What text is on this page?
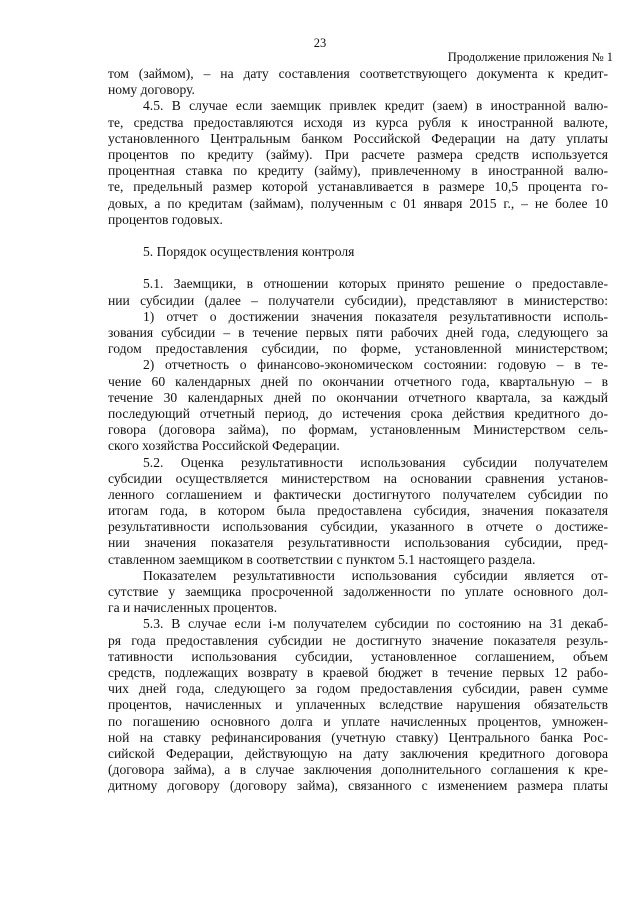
23
Продолжение приложения № 1
том (займом), – на дату составления соответствующего документа к кредит-
ному договору.
4.5. В случае если заемщик привлек кредит (заем) в иностранной валю-
те, средства предоставляются исходя из курса рубля к иностранной валюте,
установленного Центральным банком Российской Федерации на дату уплаты
процентов по кредиту (займу). При расчете размера средств используется
процентная ставка по кредиту (займу), привлеченному в иностранной валю-
те, предельный размер которой устанавливается в размере 10,5 процента го-
довых, а по кредитам (займам), полученным с 01 января 2015 г., – не более 10
процентов годовых.
5. Порядок осуществления контроля
5.1. Заемщики, в отношении которых принято решение о предоставле-
нии субсидии (далее – получатели субсидии), представляют в министерство:
1) отчет о достижении значения показателя результативности исполь-
зования субсидии – в течение первых пяти рабочих дней года, следующего за
годом предоставления субсидии, по форме, установленной министерством;
2) отчетность о финансово-экономическом состоянии: годовую – в те-
чение 60 календарных дней по окончании отчетного года, квартальную – в
течение 30 календарных дней по окончании отчетного квартала, за каждый
последующий отчетный период, до истечения срока действия кредитного до-
говора (договора займа), по формам, установленным Министерством сель-
ского хозяйства Российской Федерации.
5.2. Оценка результативности использования субсидии получателем
субсидии осуществляется министерством на основании сравнения установ-
ленного соглашением и фактически достигнутого получателем субсидии по
итогам года, в котором была предоставлена субсидия, значения показателя
результативности использования субсидии, указанного в отчете о достиже-
нии значения показателя результативности использования субсидии, пред-
ставленном заемщиком в соответствии с пунктом 5.1 настоящего раздела.
Показателем результативности использования субсидии является от-
сутствие у заемщика просроченной задолженности по уплате основного дол-
га и начисленных процентов.
5.3. В случае если i-м получателем субсидии по состоянию на 31 декаб-
ря года предоставления субсидии не достигнуто значение показателя резуль-
тативности использования субсидии, установленное соглашением, объем
средств, подлежащих возврату в краевой бюджет в течение первых 12 рабо-
чих дней года, следующего за годом предоставления субсидии, равен сумме
процентов, начисленных и уплаченных вследствие нарушения обязательств
по погашению основного долга и уплате начисленных процентов, умножен-
ной на ставку рефинансирования (учетную ставку) Центрального банка Рос-
сийской Федерации, действующую на дату заключения кредитного договора
(договора займа), а в случае заключения дополнительного соглашения к кре-
дитному договору (договору займа), связанного с изменением размера платы
